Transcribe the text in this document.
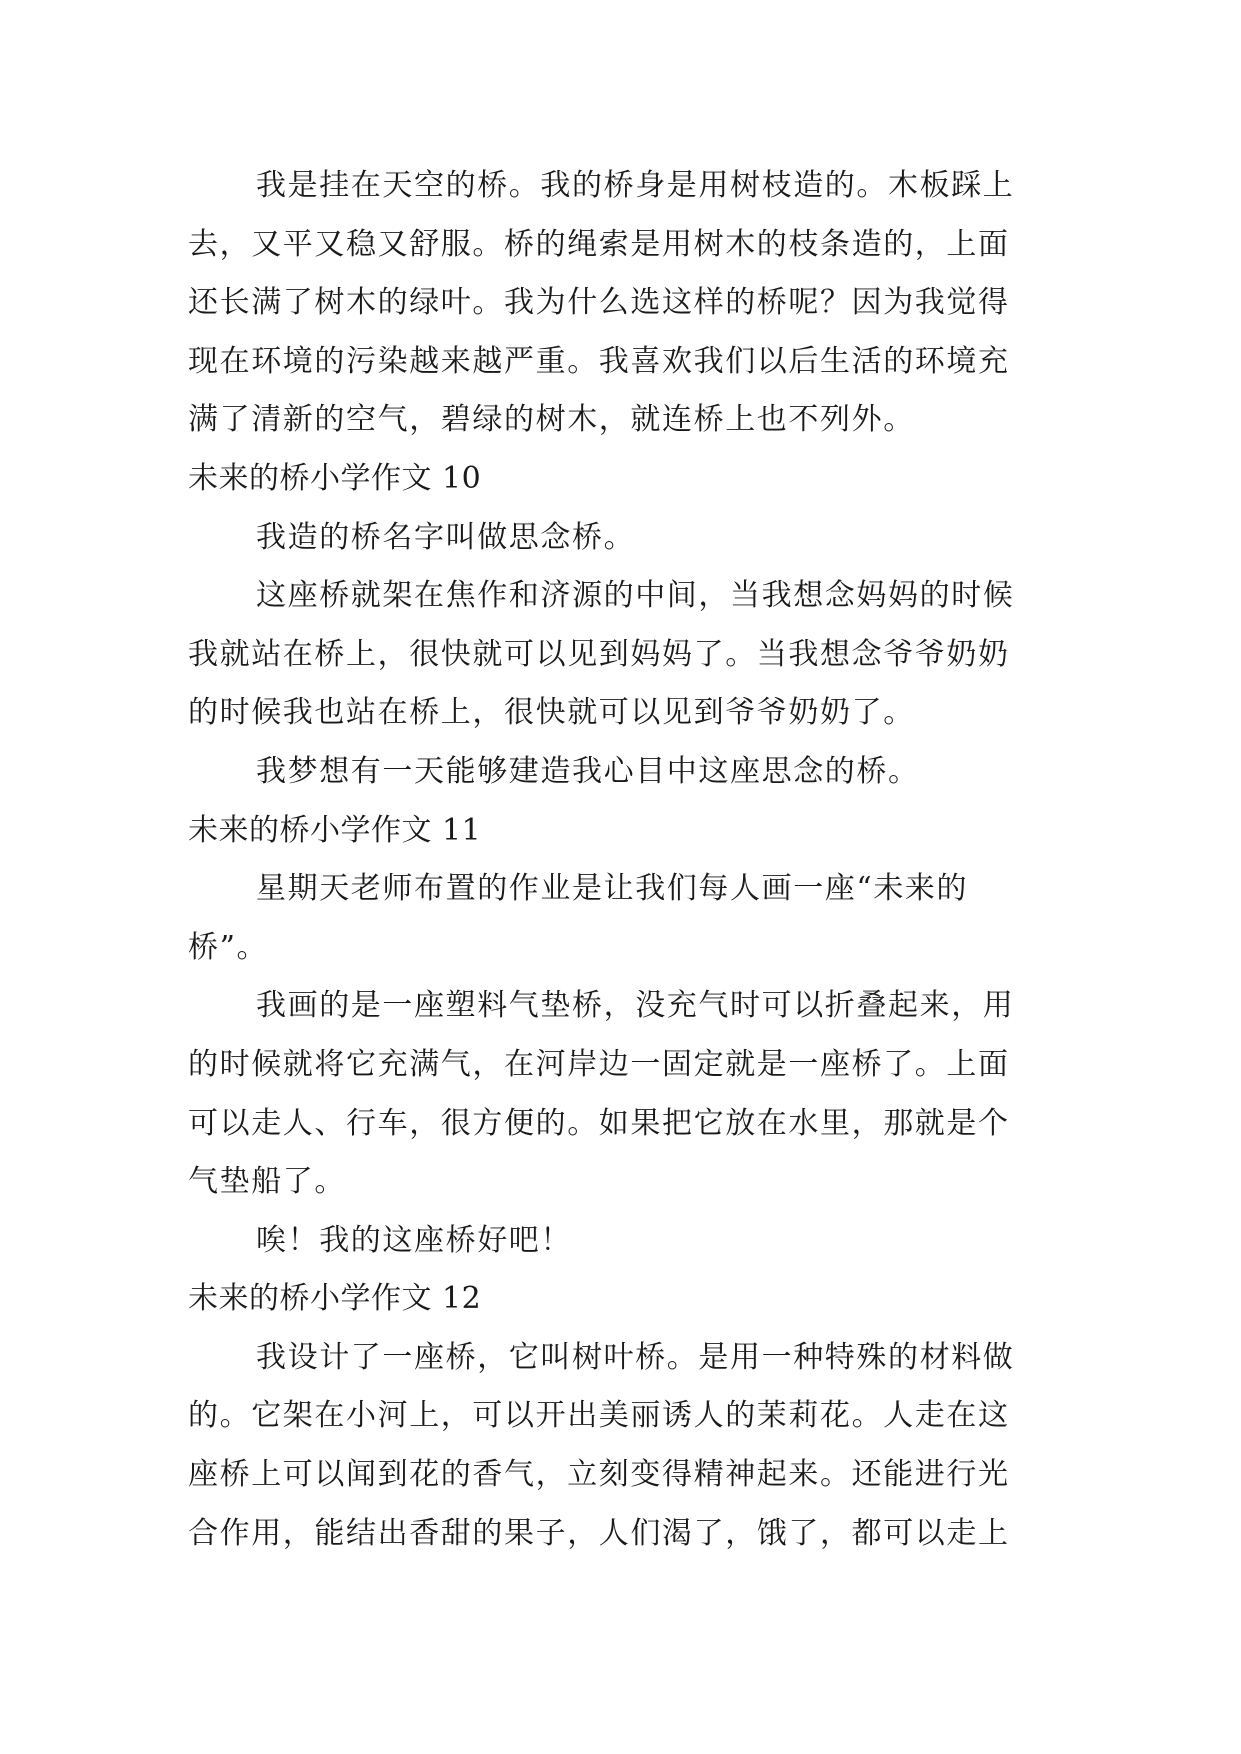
我是挂在天空的桥。我的桥身是用树枝造的。木板踩上
去，又平又稳又舒服。桥的绳索是用树木的枝条造的，上面
还长满了树木的绿叶。我为什么选这样的桥呢？因为我觉得
现在环境的污染越来越严重。我喜欢我们以后生活的环境充
满了清新的空气，碧绿的树木，就连桥上也不列外。
未来的桥小学作文 10
我造的桥名字叫做思念桥。
这座桥就架在焦作和济源的中间，当我想念妈妈的时候
我就站在桥上，很快就可以见到妈妈了。当我想念爷爷奶奶
的时候我也站在桥上，很快就可以见到爷爷奶奶了。
我梦想有一天能够建造我心目中这座思念的桥。
未来的桥小学作文 11
星期天老师布置的作业是让我们每人画一座“未来的
桥”。
我画的是一座塑料气垫桥，没充气时可以折叠起来，用
的时候就将它充满气，在河岸边一固定就是一座桥了。上面
可以走人、行车，很方便的。如果把它放在水里，那就是个
气垫船了。
唉！我的这座桥好吧！
未来的桥小学作文 12
我设计了一座桥，它叫树叶桥。是用一种特殊的材料做
的。它架在小河上，可以开出美丽诱人的茉莉花。人走在这
座桥上可以闻到花的香气，立刻变得精神起来。还能进行光
合作用，能结出香甜的果子，人们渴了，饿了，都可以走上
